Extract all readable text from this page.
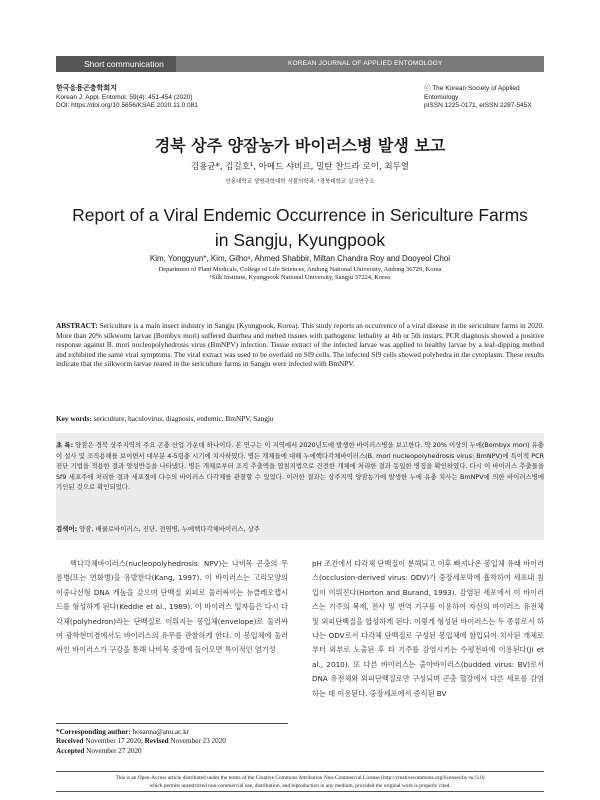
Short communication	KOREAN JOURNAL OF APPLIED ENTOMOLOGY
한국응용곤충학회지
Korean J. Appl. Entomol. 59(4): 451-454 (2020)
DOI: https://doi.org/10.5656/KSAE.2020.11.0.081
ⓒ The Korean Society of Applied Entomology
pISSN 1225-0171, eISSN 2287-545X
경북 상주 양잠농가 바이러스병 발생 보고
김용균*, 김길호¹, 아메드 샤비르, 밀탄 찬드라 로이, 최두열
안동대학교 생명과학대학 식물의학과, ¹경북대학교 실크연구소
Report of a Viral Endemic Occurrence in Sericulture Farms
in Sangju, Kyungpook
Kim, Yonggyun*, Kim, Gilho¹, Ahmed Shabbir, Miltan Chandra Roy and Dooyeol Choi
Department of Plant Medicals, College of Life Sciences, Andong National University, Andong 36729, Korea
¹Silk Institute, Kyungpook National University, Sangju 37224, Korea
ABSTRACT: Sericulture is a main insect industry in Sangju (Kyungpook, Korea). This study reports an occurrence of a viral disease in the sericulture farms in 2020. More than 20% silkworm larvae (Bombyx mori) suffered diarrhea and melted tissues with pathogenic lethality at 4th or 5th instars. PCR diagnosis showed a positive response against B. mori nucleopolyhedrosis virus (BmNPV) infection. Tissue extract of the infected larvae was applied to healthy larvae by a leaf-dipping method and exhibited the same viral symptoms. The viral extract was used to be overlaid on Sf9 cells. The infected Sf9 cells showed polyhedra in the cytoplasm. These results indicate that the silkworm larvae reared in the sericulture farms in Sangju were infected with BmNPV.
Key words: sericulture, baculovirus, diagnosis, endemic, BmNPV, Sangju
초 록: 양잠은 경북 상주지역의 주요 곤충 산업 가운데 하나이다. 본 연구는 이 지역에서 2020년도에 발생한 바이러스병을 보고한다. 약 20% 이상의 누에(Bombyx mori) 유충이 설사 및 조직용해를 보이면서 대부분 4-5령충 시기에 치사하였다. 병든 개체들에 대해 누에핵다각체바이러스(B. mori nucleopolyhedrosis virus: BmNPV)에 특이적 PCR 진단 기법을 적용한 결과 양성반응을 나타냈다. 병든 개체로부터 조직 추출액을 엽침지법으로 건전한 개체에 처리한 결과 동일한 병징을 확인하였다. 다시 이 바이러스 추출물을 Sf9 세포주에 처리한 결과 세포질에 다수의 바이러스 다각체를 관찰할 수 있었다. 이러한 결과는 상주지역 양잠농가에 발생한 누에 유충 치사는 BmNPV에 의한 바이러스병에 기인된 것으로 확인되었다.
검색어: 양잠, 배큘로바이러스, 진단, 전염병, 누에핵다각체바이러스, 상주

핵다각체바이러스(nucleopolyhedrosis: NPV)는 나비목 곤충의 무름병(또는 연화병)을 유발한다(Kang, 1997). 이 바이러스는 고리모양의 이중나선형 DNA 게놈을 갖으며 단백질 외피로 둘러싸이는 뉴클레오캡시드를 형성하게 된다(Keddie et al., 1989). 이 바이러스 입자들은 다시 다각체(polyhedron)라는 단백질로 이뤄지는 봉입체(envelope)로 둘러싸여 광학현미경에서도 바이러스의 유무를 관찰하게 한다. 이 봉입체에 둘러싸인 바이러스가 구강을 통해 나비목 중장에 들어오면 특이적인 염기성

pH 조건에서 다각체 단백질이 분해되고 이후 빠져나온 봉입체 유래 바이러스(occlusion-derived virus: ODV)가 중장세포막에 흡착하여 세포내 침입이 이뤄진다(Horton and Burand, 1993). 감염된 세포에서 이 바이러스는 기주의 복제, 전사 및 번역 기구를 이용하여 자신의 바이러스 유전체 및 외피단백질을 합성하게 된다. 이렇게 형성된 바이러스는 두 종류로서 하나는 ODV로서 다각체 단백질로 구성된 봉입체에 함입되어 치사된 개체로부터 외부로 노출된 후 타 기주를 감염시키는 수평전파에 이용된다(Ji et al., 2010). 또 다른 바이러스는 출아바이러스(budded virus: BV)로서 DNA 유전체와 외피단백질로만 구성되며 곤충 혈강에서 다른 세포를 감염하는 데 이용된다. 중장세포에서 증식된 BV

*Corresponding author: hosanna@anu.ac.kr
Received November 17 2020; Revised November 23 2020
Accepted November 27 2020
This is an Open-Access article distributed under the terms of the Creative Commons Attribution Non-Commercial License (http://creativecommons.org/licenses/by-nc/3.0)
which permits unrestricted non-commercial use, distribution, and reproduction in any medium, provided the original work is properly cited.
